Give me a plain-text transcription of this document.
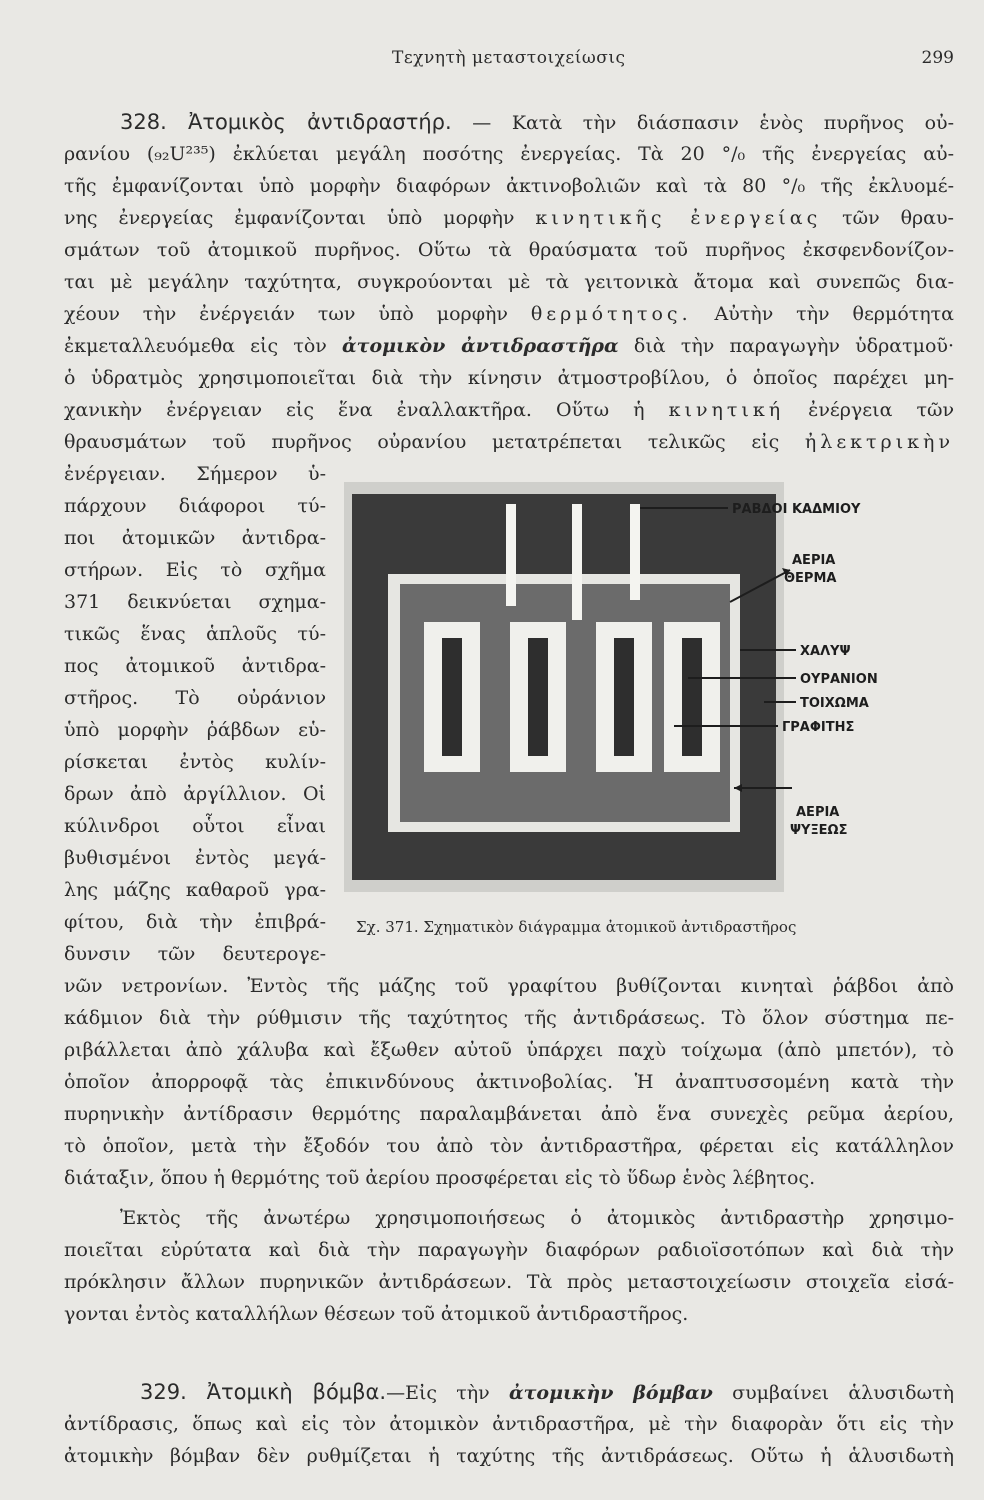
Τεχνητὴ μεταστοιχείωσις	299
328. Ἀτομικὸς ἀντιδραστήρ. — Κατὰ τὴν διάσπασιν ἑνὸς πυρῆνος οὐ-
ρανίου (₉₂U²³⁵) ἐκλύεται μεγάλη ποσότης ἐνεργείας. Τὰ 20 °/₀ τῆς ἐνεργείας αὐ-
τῆς ἐμφανίζονται ὑπὸ μορφὴν διαφόρων ἀκτινοβολιῶν καὶ τὰ 80 °/₀ τῆς ἐκλυομέ-
νης ἐνεργείας ἐμφανίζονται ὑπὸ μορφὴν κινητικῆς ἐνεργείας τῶν θραυ-
σμάτων τοῦ ἀτομικοῦ πυρῆνος. Οὕτω τὰ θραύσματα τοῦ πυρῆνος ἐκσφενδονίζον-
ται μὲ μεγάλην ταχύτητα, συγκρούονται μὲ τὰ γειτονικὰ ἄτομα καὶ συνεπῶς δια-
χέουν τὴν ἐνέργειάν των ὑπὸ μορφὴν θερμότητος. Αὐτὴν τὴν θερμότητα
ἐκμεταλλευόμεθα εἰς τὸν ἀτομικὸν ἀντιδραστῆρα διὰ τὴν παραγωγὴν ὑδρατμοῦ·
ὁ ὑδρατμὸς χρησιμοποιεῖται διὰ τὴν κίνησιν ἀτμοστροβίλου, ὁ ὁποῖος παρέχει μη-
χανικὴν ἐνέργειαν εἰς ἕνα ἐναλλακτῆρα. Οὕτω ἡ κινητική ἐνέργεια τῶν
θραυσμάτων τοῦ πυρῆνος οὐρανίου μετατρέπεται τελικῶς εἰς ἠλεκτρικὴν
ἐνέργειαν. Σήμερον ὑ-
πάρχουν διάφοροι τύ-
ποι ἀτομικῶν ἀντιδρα-
στήρων. Εἰς τὸ σχῆμα
371 δεικνύεται σχημα-
τικῶς ἕνας ἁπλοῦς τύ-
πος ἀτομικοῦ ἀντιδρα-
στῆρος. Τὸ οὐράνιον
ὑπὸ μορφὴν ῥάβδων εὑ-
ρίσκεται ἐντὸς κυλίν-
δρων ἀπὸ ἀργίλλιον. Οἱ
κύλινδροι οὗτοι εἶναι
βυθισμένοι ἐντὸς μεγά-
λης μάζης καθαροῦ γρα-
φίτου, διὰ τὴν ἐπιβρά-
δυνσιν τῶν δευτερογε-
ΡΑΒΔΟΙ ΚΑΔΜΙΟΥ
ΑΕΡΙΑ
ΘΕΡΜΑ
ΧΑΛΥΨ
ΟΥΡΑΝΙΟΝ
ΤΟΙΧΩΜΑ
ΓΡΑΦΙΤΗΣ
ΑΕΡΙΑ
ΨΥΞΕΩΣ
Σχ. 371. Σχηματικὸν διάγραμμα ἀτομικοῦ ἀντιδραστῆρος
νῶν νετρονίων. Ἐντὸς τῆς μάζης τοῦ γραφίτου βυθίζονται κινηταὶ ῥάβδοι ἀπὸ
κάδμιον διὰ τὴν ρύθμισιν τῆς ταχύτητος τῆς ἀντιδράσεως. Τὸ ὅλον σύστημα πε-
ριβάλλεται ἀπὸ χάλυβα καὶ ἔξωθεν αὐτοῦ ὑπάρχει παχὺ τοίχωμα (ἀπὸ μπετόν), τὸ
ὁποῖον ἀπορροφᾷ τὰς ἐπικινδύνους ἀκτινοβολίας. Ἡ ἀναπτυσσομένη κατὰ τὴν
πυρηνικὴν ἀντίδρασιν θερμότης παραλαμβάνεται ἀπὸ ἕνα συνεχὲς ρεῦμα ἀερίου,
τὸ ὁποῖον, μετὰ τὴν ἔξοδόν του ἀπὸ τὸν ἀντιδραστῆρα, φέρεται εἰς κατάλληλον
διάταξιν, ὅπου ἡ θερμότης τοῦ ἀερίου προσφέρεται εἰς τὸ ὕδωρ ἑνὸς λέβητος.
Ἐκτὸς τῆς ἀνωτέρω χρησιμοποιήσεως ὁ ἀτομικὸς ἀντιδραστὴρ χρησιμο-
ποιεῖται εὐρύτατα καὶ διὰ τὴν παραγωγὴν διαφόρων ραδιοϊσοτόπων καὶ διὰ τὴν
πρόκλησιν ἄλλων πυρηνικῶν ἀντιδράσεων. Τὰ πρὸς μεταστοιχείωσιν στοιχεῖα εἰσά-
γονται ἐντὸς καταλλήλων θέσεων τοῦ ἀτομικοῦ ἀντιδραστῆρος.
329. Ἀτομικὴ βόμβα.—Εἰς τὴν ἀτομικὴν βόμβαν συμβαίνει ἁλυσιδωτὴ
ἀντίδρασις, ὅπως καὶ εἰς τὸν ἀτομικὸν ἀντιδραστῆρα, μὲ τὴν διαφορὰν ὅτι εἰς τὴν
ἀτομικὴν βόμβαν δὲν ρυθμίζεται ἡ ταχύτης τῆς ἀντιδράσεως. Οὕτω ἡ ἁλυσιδωτὴ
